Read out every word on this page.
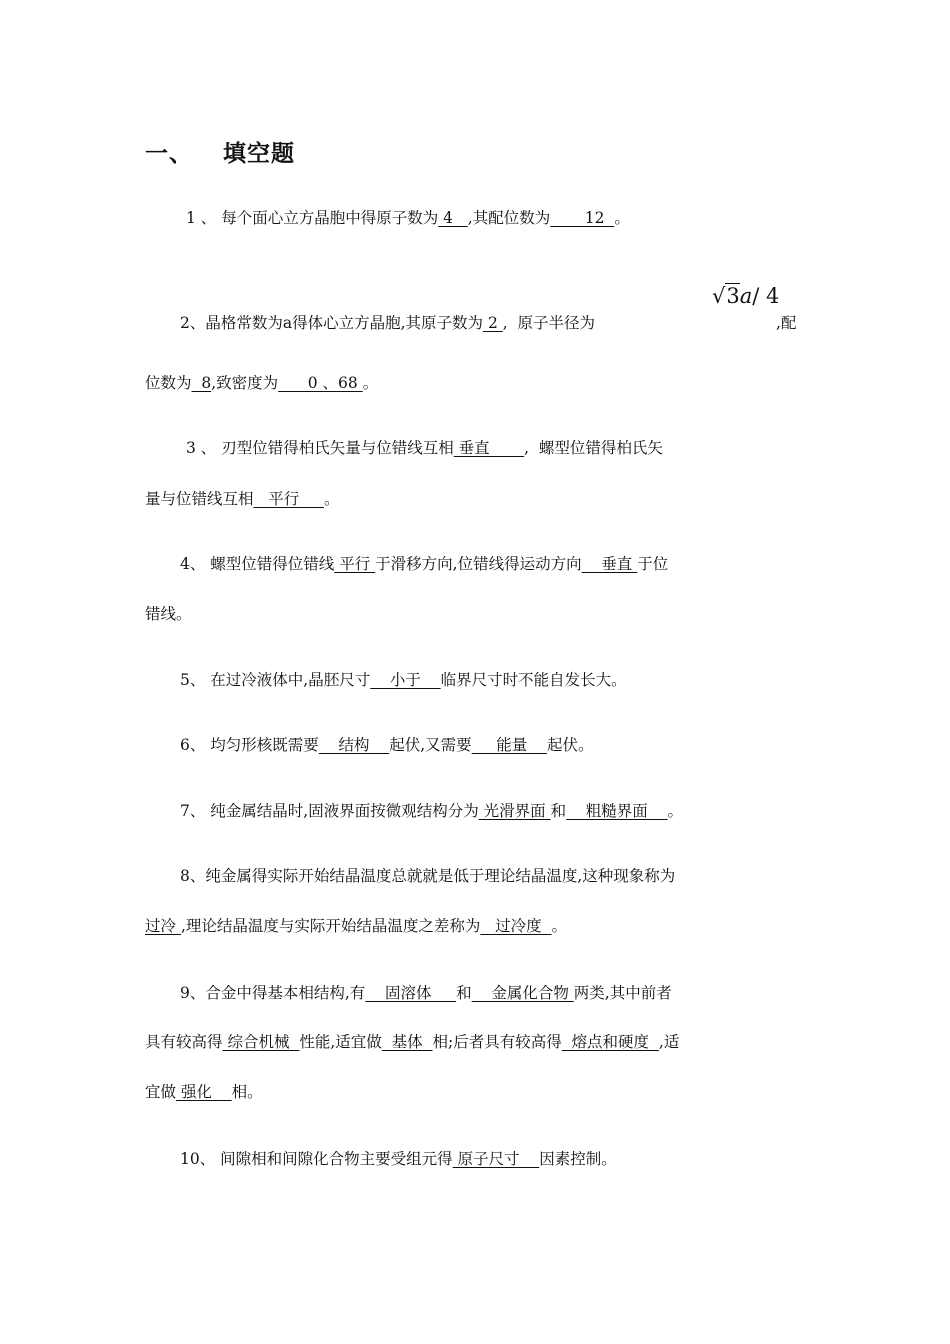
一、 填空题
1 、 每个面心立方晶胞中得原子数为 4   ,其配位数为       12  。
√3a/ 4
2、晶格常数为a得体心立方晶胞,其原子数为 2 ,  原子半径为	,配
位数为  8,致密度为      0 、68 。
3 、 刃型位错得柏氏矢量与位错线互相 垂直       ,  螺型位错得柏氏矢
量与位错线互相   平行     。
4、 螺型位错得位错线 平行 于滑移方向,位错线得运动方向    垂直 于位
错线。
5、 在过冷液体中,晶胚尺寸    小于    临界尺寸时不能自发长大。
6、 均匀形核既需要    结构    起伏,又需要     能量    起伏。
7、 纯金属结晶时,固液界面按微观结构分为 光滑界面 和    粗糙界面    。
8、纯金属得实际开始结晶温度总就就是低于理论结晶温度,这种现象称为
过冷 ,理论结晶温度与实际开始结晶温度之差称为   过冷度  。
9、合金中得基本相结构,有    固溶体     和    金属化合物 两类,其中前者
具有较高得 综合机械  性能,适宜做  基体  相;后者具有较高得  熔点和硬度  ,适
宜做 强化    相。
10、 间隙相和间隙化合物主要受组元得 原子尺寸    因素控制。
